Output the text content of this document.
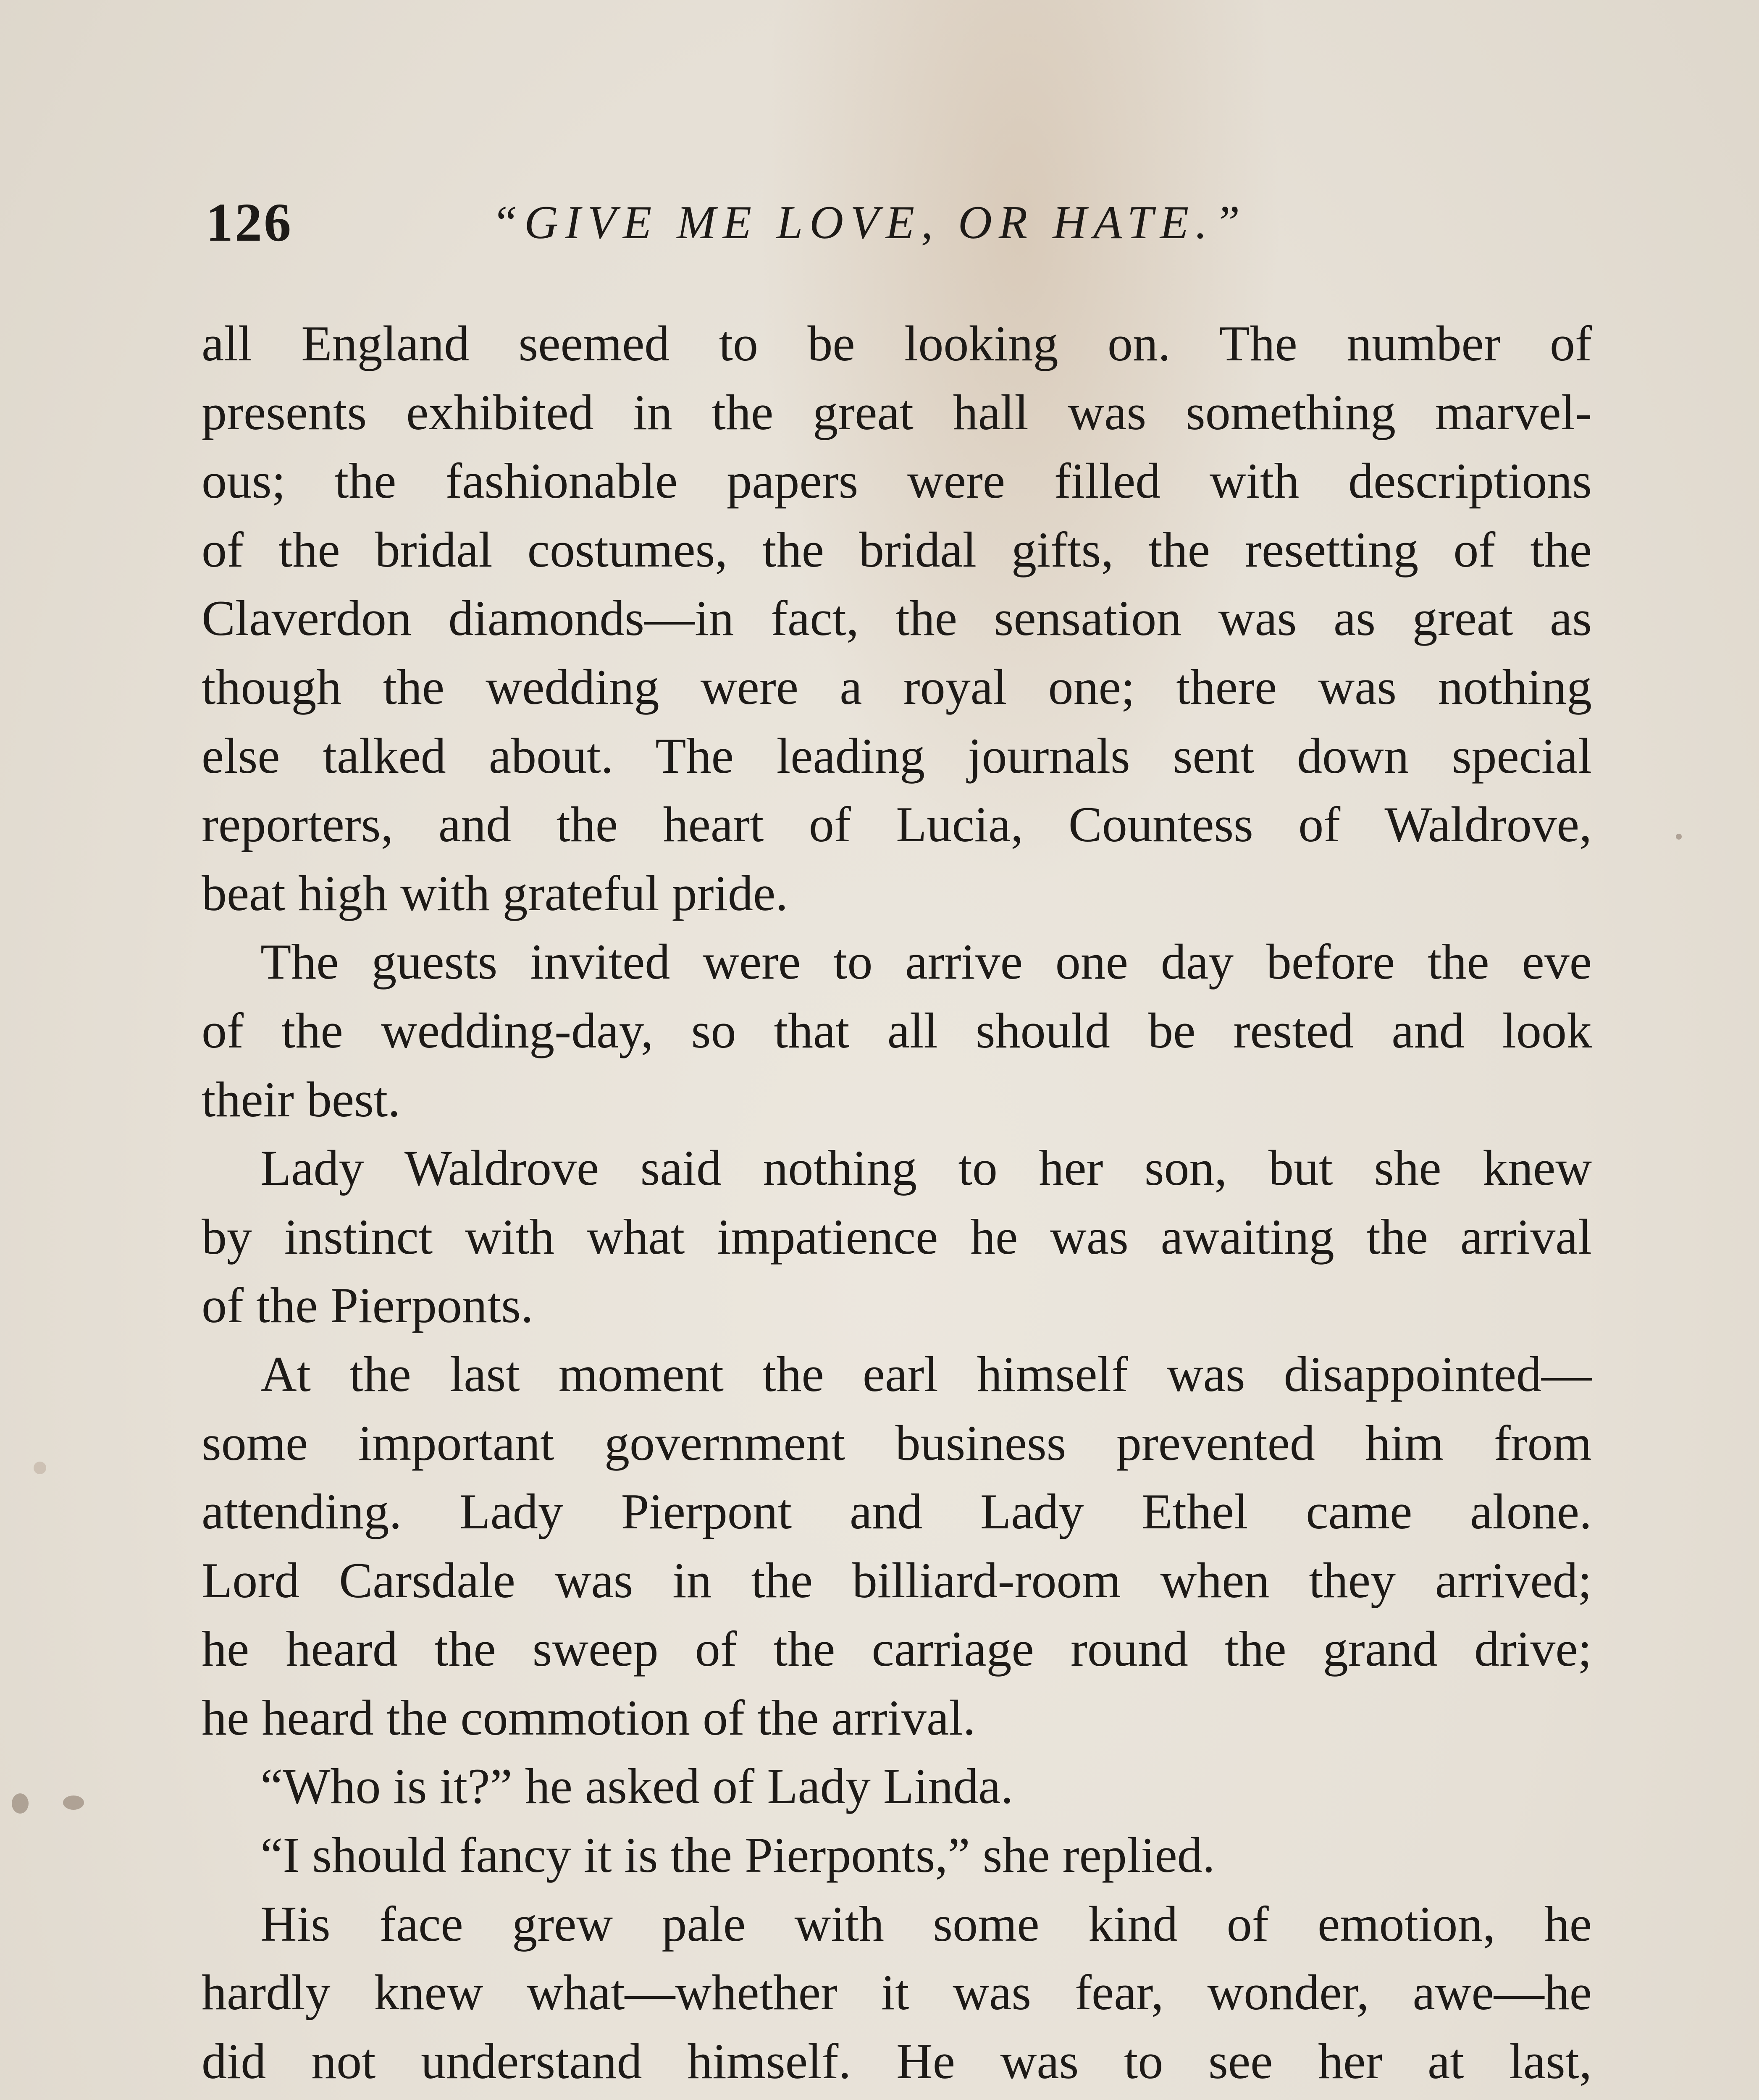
126	“GIVE ME LOVE, OR HATE.”
all England seemed to be looking on. The number of
presents exhibited in the great hall was something marvel-
ous; the fashionable papers were filled with descriptions
of the bridal costumes, the bridal gifts, the resetting of the
Claverdon diamonds—in fact, the sensation was as great as
though the wedding were a royal one; there was nothing
else talked about. The leading journals sent down special
reporters, and the heart of Lucia, Countess of Waldrove,
beat high with grateful pride.
The guests invited were to arrive one day before the eve
of the wedding-day, so that all should be rested and look
their best.
Lady Waldrove said nothing to her son, but she knew
by instinct with what impatience he was awaiting the arrival
of the Pierponts.
At the last moment the earl himself was disappointed—
some important government business prevented him from
attending. Lady Pierpont and Lady Ethel came alone.
Lord Carsdale was in the billiard-room when they arrived;
he heard the sweep of the carriage round the grand drive;
he heard the commotion of the arrival.
“Who is it?” he asked of Lady Linda.
“I should fancy it is the Pierponts,” she replied.
His face grew pale with some kind of emotion, he
hardly knew what—whether it was fear, wonder, awe—he
did not understand himself. He was to see her at last,
